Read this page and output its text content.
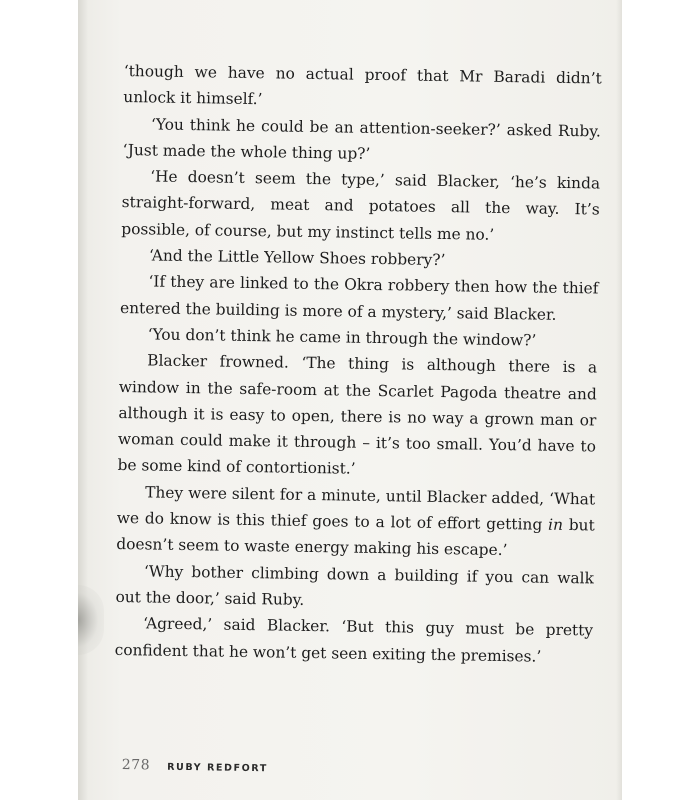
‘though we have no actual proof that Mr Baradi didn’t unlock it himself.’

‘You think he could be an attention-seeker?’ asked Ruby. ‘Just made the whole thing up?’

‘He doesn’t seem the type,’ said Blacker, ‘he’s kinda straight-forward, meat and potatoes all the way. It’s possible, of course, but my instinct tells me no.’

‘And the Little Yellow Shoes robbery?’

‘If they are linked to the Okra robbery then how the thief entered the building is more of a mystery,’ said Blacker.

‘You don’t think he came in through the window?’

Blacker frowned. ‘The thing is although there is a window in the safe-room at the Scarlet Pagoda theatre and although it is easy to open, there is no way a grown man or woman could make it through – it’s too small. You’d have to be some kind of contortionist.’

They were silent for a minute, until Blacker added, ‘What we do know is this thief goes to a lot of effort getting in but doesn’t seem to waste energy making his escape.’

‘Why bother climbing down a building if you can walk out the door,’ said Ruby.

‘Agreed,’ said Blacker. ‘But this guy must be pretty confident that he won’t get seen exiting the premises.’

278 RUBY REDFORT
